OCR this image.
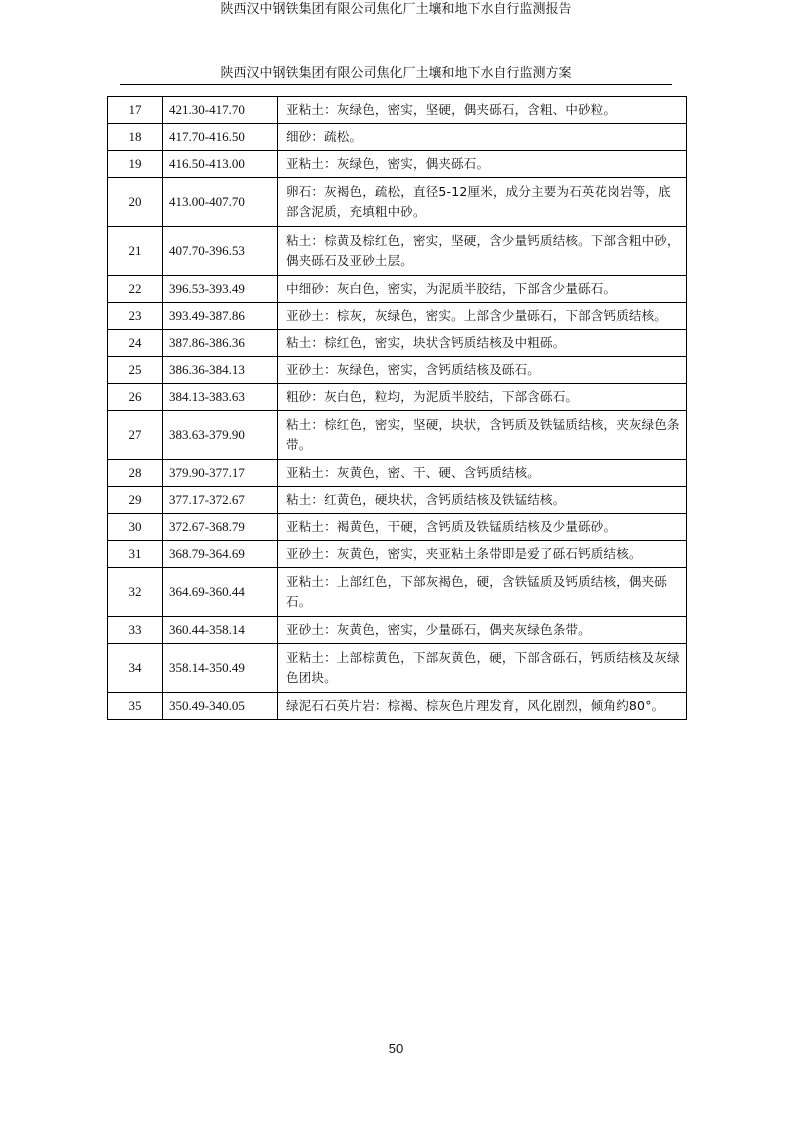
陕西汉中钢铁集团有限公司焦化厂土壤和地下水自行监测报告
陕西汉中钢铁集团有限公司焦化厂土壤和地下水自行监测方案
17	421.30-417.70	亚粘土：灰绿色，密实，坚硬，偶夹砾石，含粗、中砂粒。
18	417.70-416.50	细砂：疏松。
19	416.50-413.00	亚粘土：灰绿色，密实，偶夹砾石。
20	413.00-407.70	卵石：灰褐色，疏松，直径5-12厘米，成分主要为石英花岗岩等，底部含泥质，充填粗中砂。
21	407.70-396.53	粘土：棕黄及棕红色，密实，坚硬，含少量钙质结核。下部含粗中砂，偶夹砾石及亚砂土层。
22	396.53-393.49	中细砂：灰白色，密实，为泥质半胶结，下部含少量砾石。
23	393.49-387.86	亚砂土：棕灰，灰绿色，密实。上部含少量砾石，下部含钙质结核。
24	387.86-386.36	粘土：棕红色，密实，块状含钙质结核及中粗砾。
25	386.36-384.13	亚砂土：灰绿色，密实，含钙质结核及砾石。
26	384.13-383.63	粗砂：灰白色，粒均，为泥质半胶结，下部含砾石。
27	383.63-379.90	粘土：棕红色，密实，坚硬，块状，含钙质及铁锰质结核，夹灰绿色条带。
28	379.90-377.17	亚粘土：灰黄色，密、干、硬、含钙质结核。
29	377.17-372.67	粘土：红黄色，硬块状，含钙质结核及铁锰结核。
30	372.67-368.79	亚粘土：褐黄色，干硬，含钙质及铁锰质结核及少量砾砂。
31	368.79-364.69	亚砂土：灰黄色，密实，夹亚粘土条带即是爱了砾石钙质结核。
32	364.69-360.44	亚粘土：上部红色，下部灰褐色，硬，含铁锰质及钙质结核，偶夹砾石。
33	360.44-358.14	亚砂土：灰黄色，密实，少量砾石，偶夹灰绿色条带。
34	358.14-350.49	亚粘土：上部棕黄色，下部灰黄色，硬，下部含砾石，钙质结核及灰绿色团块。
35	350.49-340.05	绿泥石石英片岩：棕褐、棕灰色片理发育，风化剧烈，倾角约80°。
50
